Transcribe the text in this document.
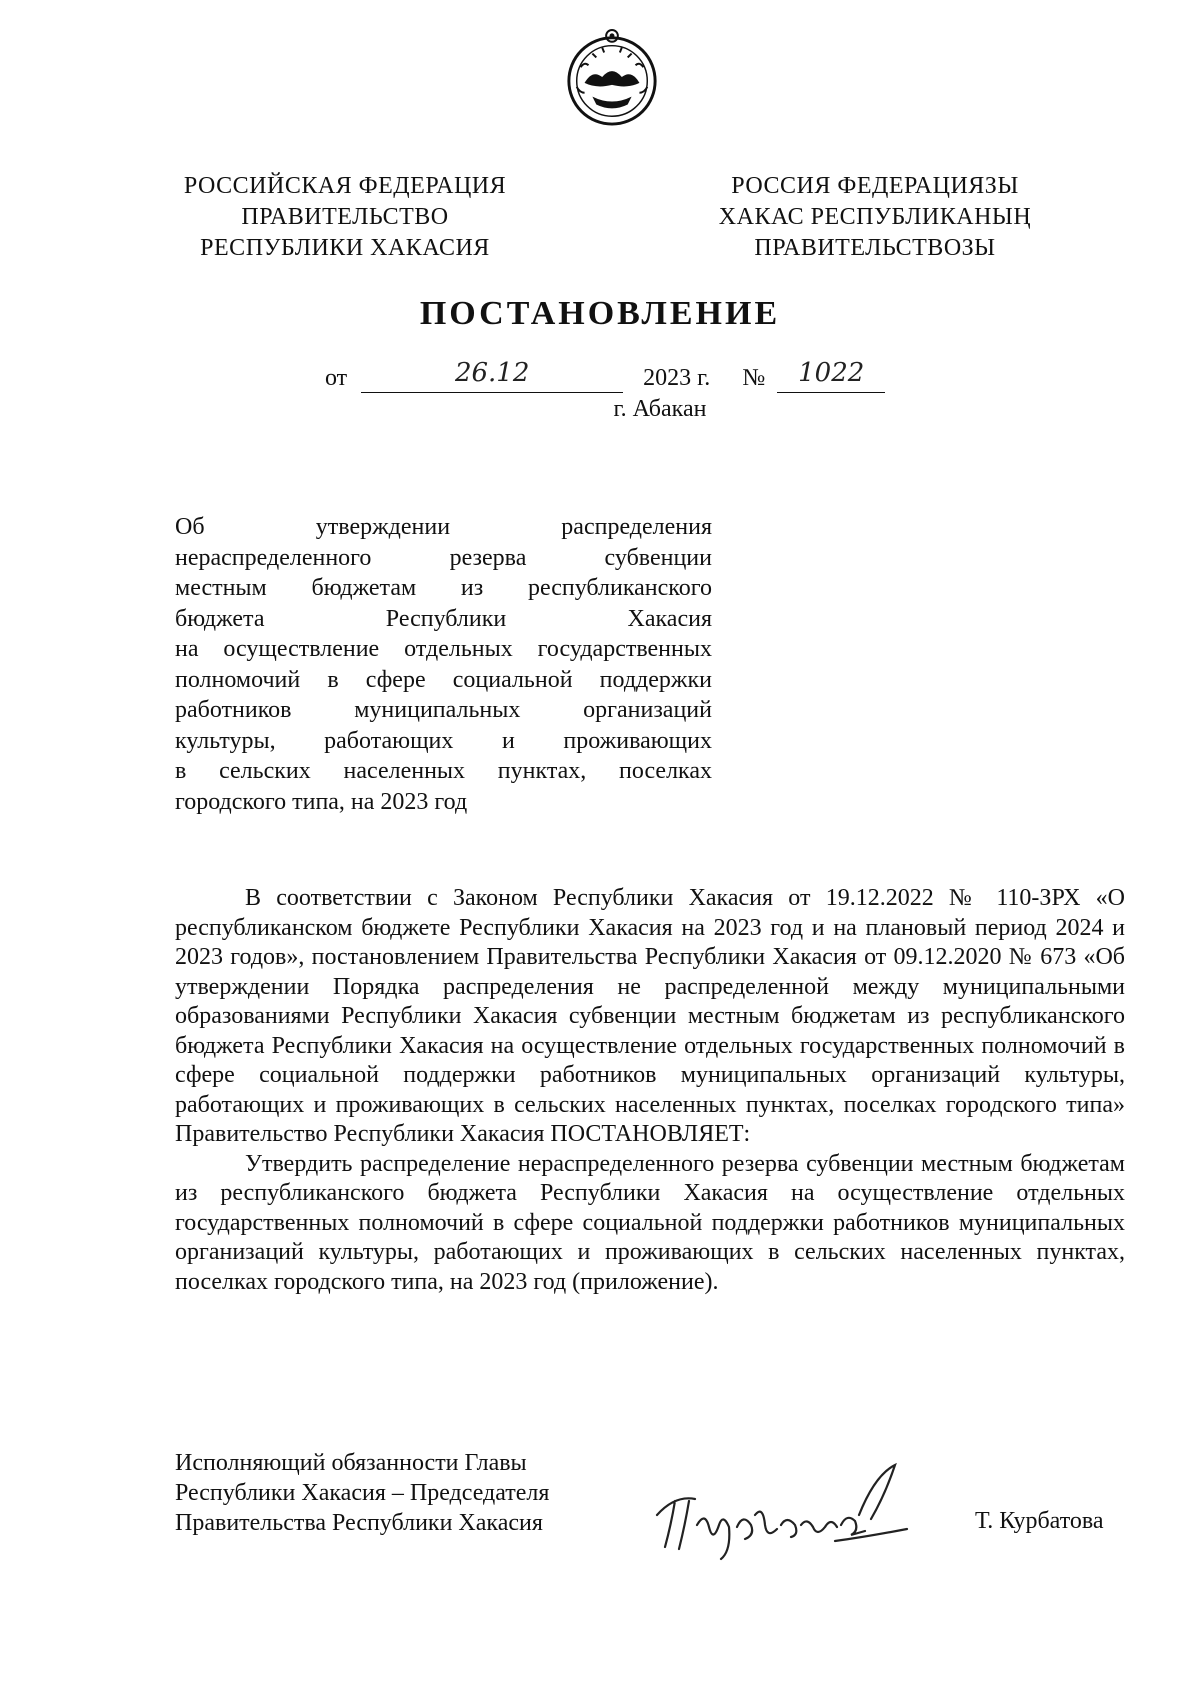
РОССИЙСКАЯ ФЕДЕРАЦИЯ
ПРАВИТЕЛЬСТВО
РЕСПУБЛИКИ ХАКАСИЯ
РОССИЯ ФЕДЕРАЦИЯЗЫ
ХАКАС РЕСПУБЛИКАНЫҢ
ПРАВИТЕЛЬСТВОЗЫ
ПОСТАНОВЛЕНИЕ
от	26.12	2023 г. № 1022
г. Абакан
Об утверждении распределения
нераспределенного резерва субвенции
местным бюджетам из республиканского
бюджета Республики Хакасия
на осуществление отдельных государственных
полномочий в сфере социальной поддержки
работников муниципальных организаций
культуры, работающих и проживающих
в сельских населенных пунктах, поселках
городского типа, на 2023 год

В соответствии с Законом Республики Хакасия от 19.12.2022 № 110-ЗРХ «О республиканском бюджете Республики Хакасия на 2023 год и на плановый период 2024 и 2023 годов», постановлением Правительства Республики Хакасия от 09.12.2020 № 673 «Об утверждении Порядка распределения не распределенной между муниципальными образованиями Республики Хакасия субвенции местным бюджетам из республиканского бюджета Республики Хакасия на осуществление отдельных государственных полномочий в сфере социальной поддержки работников муниципальных организаций культуры, работающих и проживающих в сельских населенных пунктах, поселках городского типа» Правительство Республики Хакасия ПОСТАНОВЛЯЕТ:

Утвердить распределение нераспределенного резерва субвенции местным бюджетам из республиканского бюджета Республики Хакасия на осуществление отдельных государственных полномочий в сфере социальной поддержки работников муниципальных организаций культуры, работающих и проживающих в сельских населенных пунктах, поселках городского типа, на 2023 год (приложение).

Исполняющий обязанности Главы
Республики Хакасия – Председателя
Правительства Республики Хакасия	Т. Курбатова
